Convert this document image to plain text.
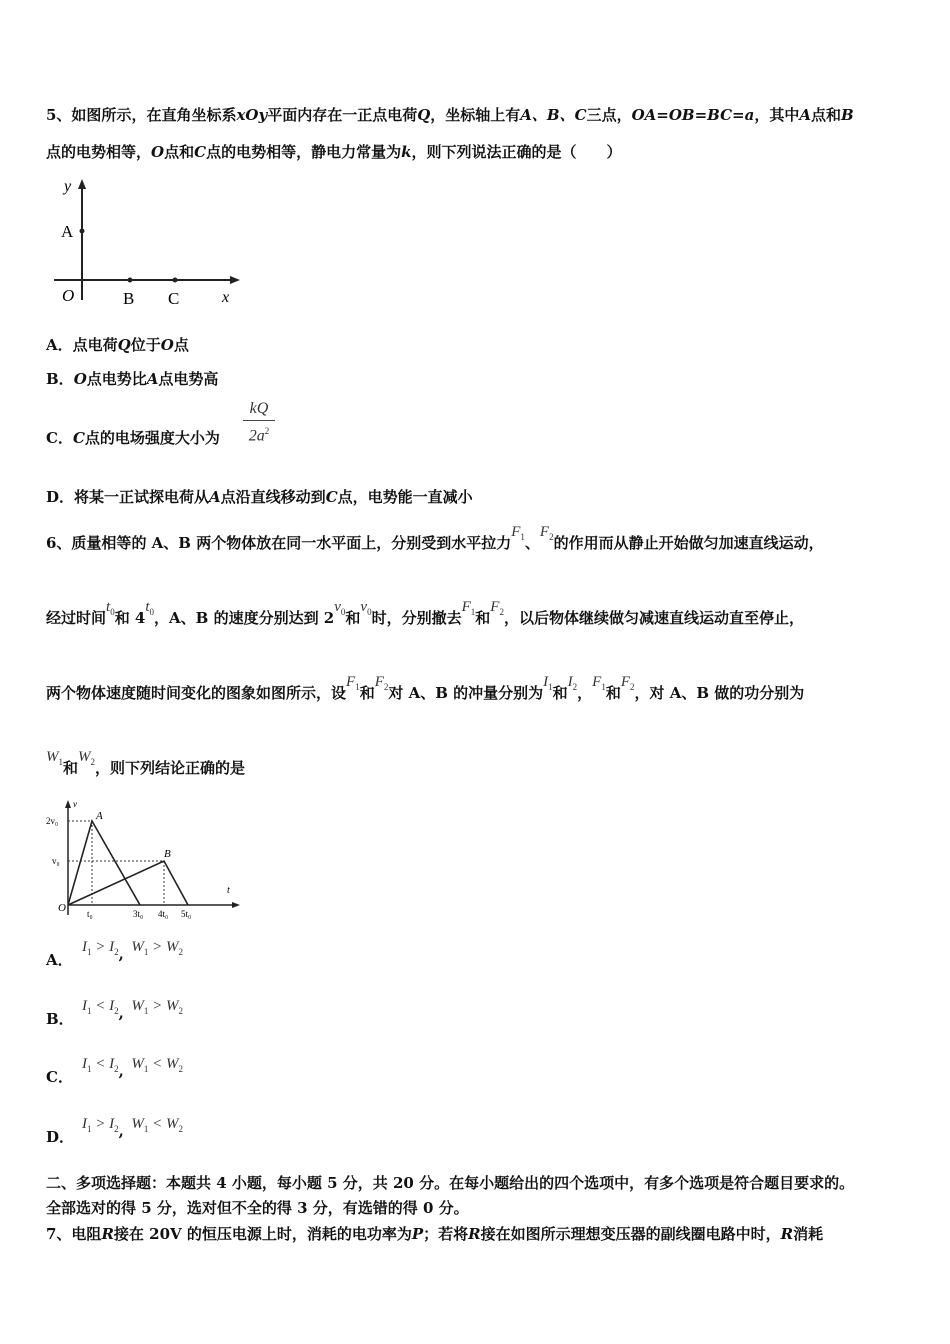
5、如图所示，在直角坐标系xOy平面内存在一正点电荷Q，坐标轴上有A、B、C三点，OA=OB=BC=a，其中A点和B
点的电势相等，O点和C点的电势相等，静电力常量为k，则下列说法正确的是（　　）
y
A
O	B C	x
A．点电荷Q位于O点
B．O点电势比A点电势高
C．C点的电场强度大小为
kQ
$2a^2$
D．将某一正试探电荷从A点沿直线移动到C点，电势能一直减小
6、质量相等的 A、B 两个物体放在同一水平面上，分别受到水平拉力$F_1$、$F_2$的作用而从静止开始做匀加速直线运动，
经过时间$t_0$和 $4t_0$，A、B 的速度分别达到 $2v_0$和$v_0$时，分别撤去$F_1$和$F_2$，以后物体继续做匀减速直线运动直至停止，
两个物体速度随时间变化的图象如图所示，设$F_1$和$F_2$对 A、B 的冲量分别为$I_1$和$I_2$，$F_1$和$F_2$，对 A、B 做的功分别为
$W_1$和$W_2$，则下列结论正确的是
v
t
2v₀
v₀
A
B
O t₀	3t₀ 4t₀ 5t₀
A．
$I_1 > I_2$, $W_1 > W_2$
B．
$I_1 < I_2$, $W_1 > W_2$
C．
$I_1 < I_2$, $W_1 < W_2$
D．
$I_1 > I_2$, $W_1 < W_2$
二、多项选择题：本题共 4 小题，每小题 5 分，共 20 分。在每小题给出的四个选项中，有多个选项是符合题目要求的。
全部选对的得 5 分，选对但不全的得 3 分，有选错的得 0 分。
7、电阻R接在 20V 的恒压电源上时，消耗的电功率为P；若将R接在如图所示理想变压器的副线圈电路中时，R消耗
